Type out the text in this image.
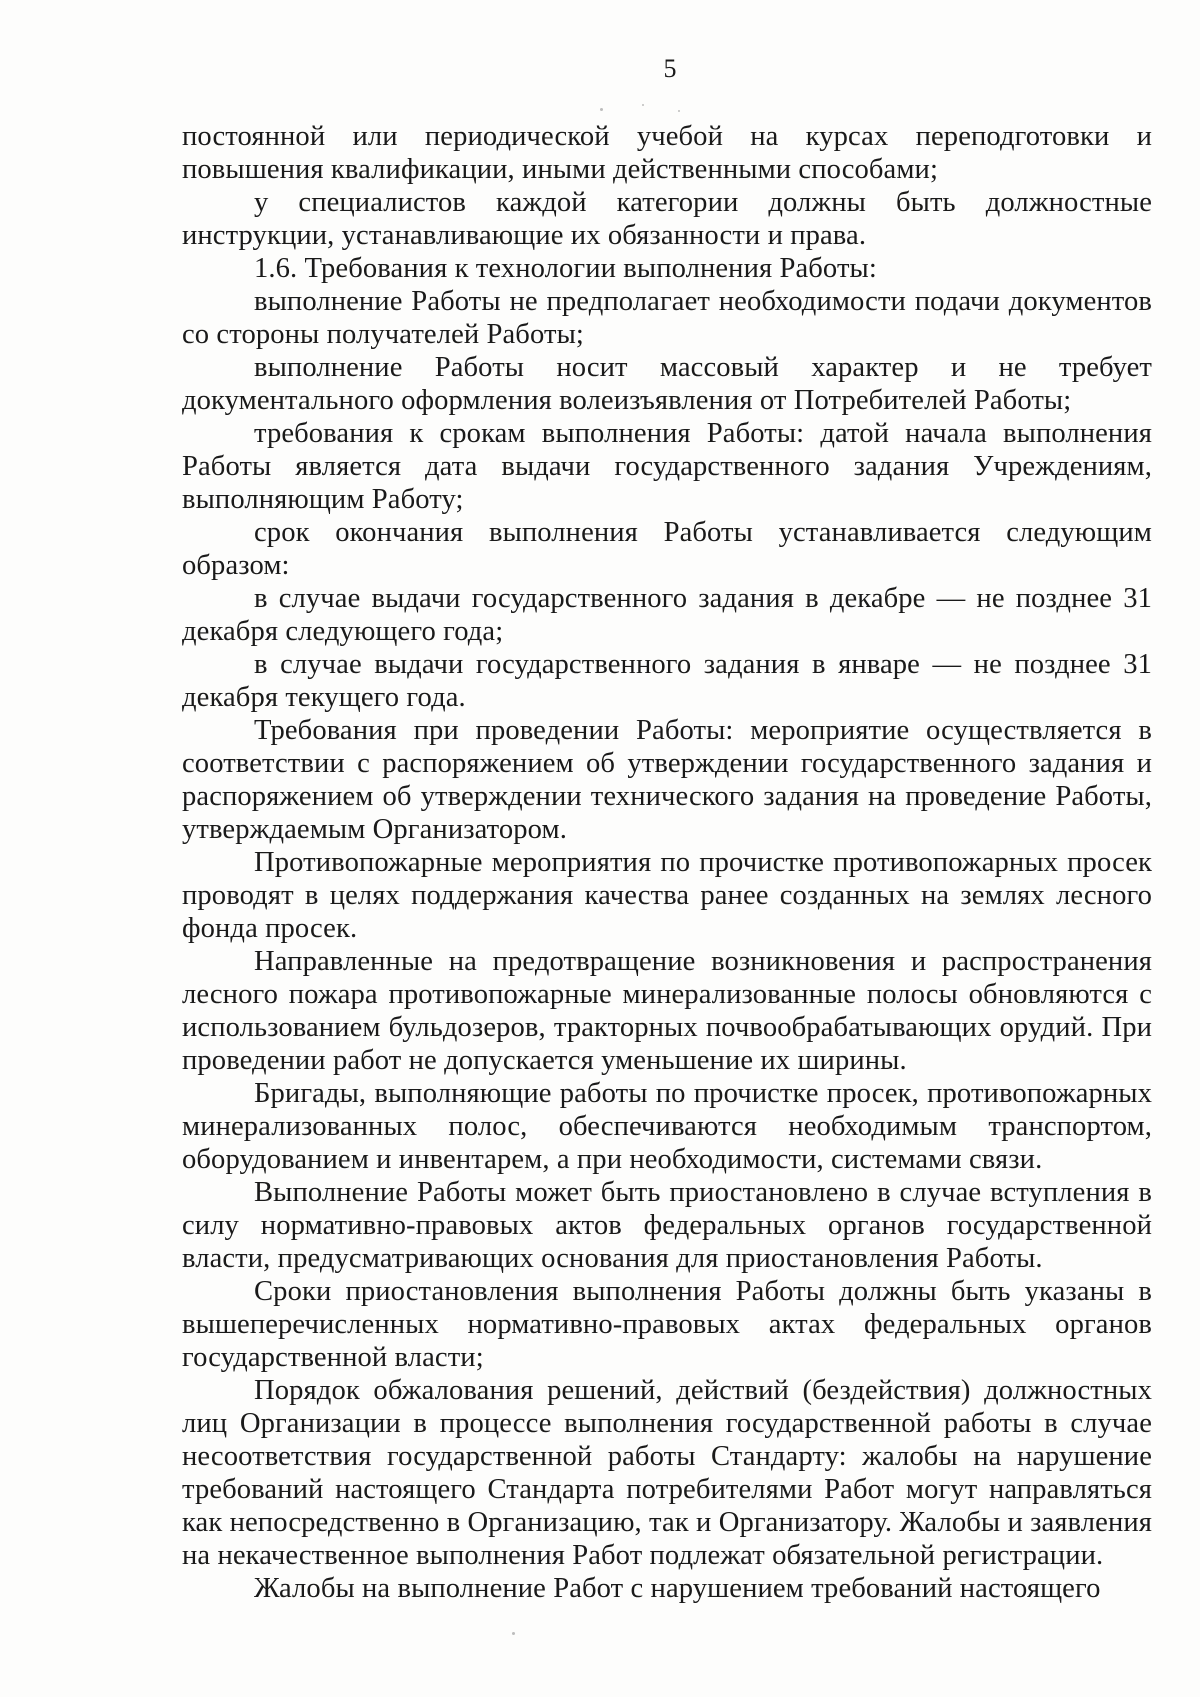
5

постоянной или периодической учебой на курсах переподготовки и повышения квалификации, иными действенными способами;

у специалистов каждой категории должны быть должностные инструкции, устанавливающие их обязанности и права.

1.6. Требования к технологии выполнения Работы:

выполнение Работы не предполагает необходимости подачи документов со стороны получателей Работы;

выполнение Работы носит массовый характер и не требует документального оформления волеизъявления от Потребителей Работы;

требования к срокам выполнения Работы: датой начала выполнения Работы является дата выдачи государственного задания Учреждениям, выполняющим Работу;

срок окончания выполнения Работы устанавливается следующим образом:

в случае выдачи государственного задания в декабре — не позднее 31 декабря следующего года;

в случае выдачи государственного задания в январе — не позднее 31 декабря текущего года.

Требования при проведении Работы: мероприятие осуществляется в соответствии с распоряжением об утверждении государственного задания и распоряжением об утверждении технического задания на проведение Работы, утверждаемым Организатором.

Противопожарные мероприятия по прочистке противопожарных просек проводят в целях поддержания качества ранее созданных на землях лесного фонда просек.

Направленные на предотвращение возникновения и распространения лесного пожара противопожарные минерализованные полосы обновляются с использованием бульдозеров, тракторных почвообрабатывающих орудий. При проведении работ не допускается уменьшение их ширины.

Бригады, выполняющие работы по прочистке просек, противопожарных минерализованных полос, обеспечиваются необходимым транспортом, оборудованием и инвентарем, а при необходимости, системами связи.

Выполнение Работы может быть приостановлено в случае вступления в силу нормативно-правовых актов федеральных органов государственной власти, предусматривающих основания для приостановления Работы.

Сроки приостановления выполнения Работы должны быть указаны в вышеперечисленных нормативно-правовых актах федеральных органов государственной власти;

Порядок обжалования решений, действий (бездействия) должностных лиц Организации в процессе выполнения государственной работы в случае несоответствия государственной работы Стандарту: жалобы на нарушение требований настоящего Стандарта потребителями Работ могут направляться как непосредственно в Организацию, так и Организатору. Жалобы и заявления на некачественное выполнения Работ подлежат обязательной регистрации.

Жалобы на выполнение Работ с нарушением требований настоящего
